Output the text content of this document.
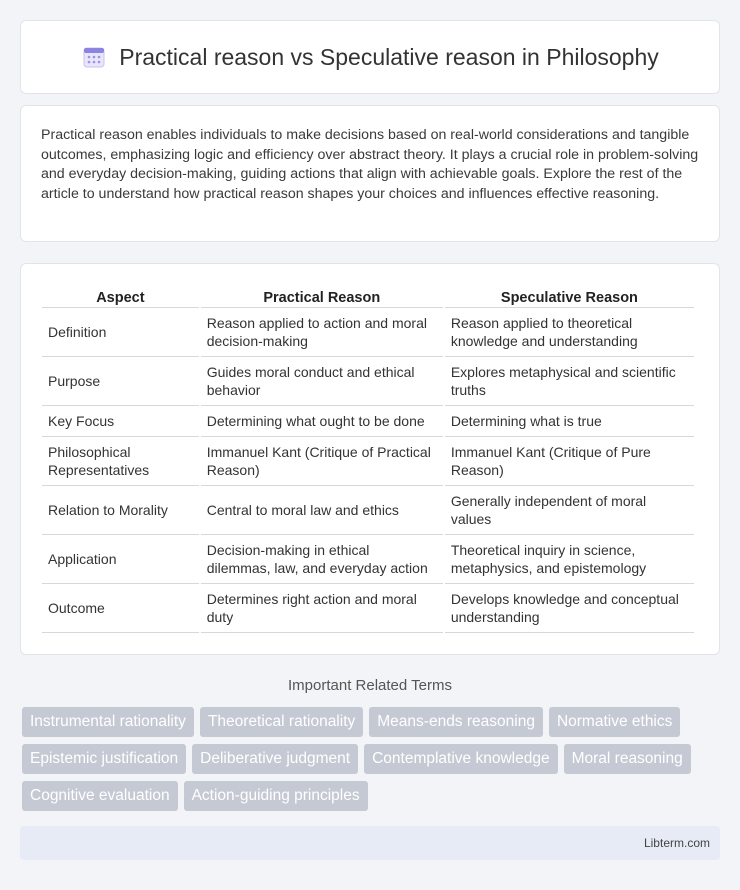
Practical reason vs Speculative reason in Philosophy

Practical reason enables individuals to make decisions based on real-world considerations and tangible outcomes, emphasizing logic and efficiency over abstract theory. It plays a crucial role in problem-solving and everyday decision-making, guiding actions that align with achievable goals. Explore the rest of the article to understand how practical reason shapes your choices and influences effective reasoning.

Aspect	Practical Reason	Speculative Reason
Definition	Reason applied to action and moral decision-making	Reason applied to theoretical knowledge and understanding
Purpose	Guides moral conduct and ethical behavior	Explores metaphysical and scientific truths
Key Focus	Determining what ought to be done	Determining what is true
Philosophical Representatives	Immanuel Kant (Critique of Practical Reason)	Immanuel Kant (Critique of Pure Reason)
Relation to Morality	Central to moral law and ethics	Generally independent of moral values
Application	Decision-making in ethical dilemmas, law, and everyday action	Theoretical inquiry in science, metaphysics, and epistemology
Outcome	Determines right action and moral duty	Develops knowledge and conceptual understanding
Important Related Terms
Instrumental rationality	Theoretical rationality	Means-ends reasoning	Normative ethics
Epistemic justification	Deliberative judgment	Contemplative knowledge	Moral reasoning
Cognitive evaluation	Action-guiding principles
Libterm.com
